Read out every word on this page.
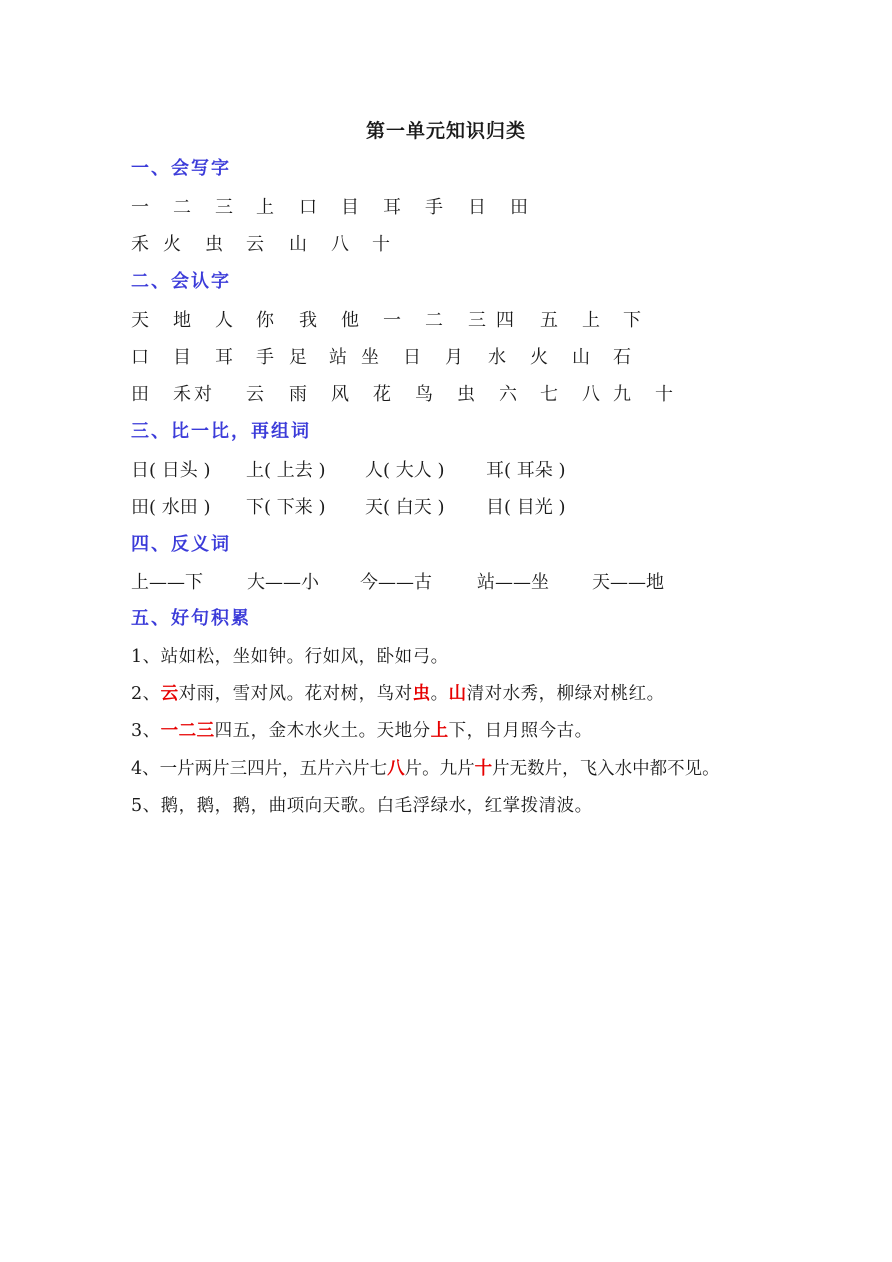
第一单元知识归类
一、会写字
一 二 三 上 口 目 耳 手 日 田
禾 火 虫 云 山 八 十
二、会认字
天 地 人 你 我 他 一 二 三 四 五 上 下
口 目 耳 手 足 站 坐 日 月 水 火 山 石
田 禾 对 云 雨 风 花 鸟 虫 六 七 八 九 十
三、比一比，再组词
日( 日头 ) 上( 上去 ) 人( 大人 ) 耳( 耳朵 )
田( 水田 ) 下( 下来 ) 天( 白天 ) 目( 目光 )
四、反义词
上——下 大——小 今——古	站——坐 天——地
五、好句积累
1、站如松，坐如钟。行如风，卧如弓。
2、云对雨，雪对风。花对树，鸟对虫。山清对水秀，柳绿对桃红。
3、一二三四五，金木水火土。天地分上下，日月照今古。
4、一片两片三四片，五片六片七八片。九片十片无数片，飞入水中都不见。
5、鹅，鹅，鹅，曲项向天歌。白毛浮绿水，红掌拨清波。
